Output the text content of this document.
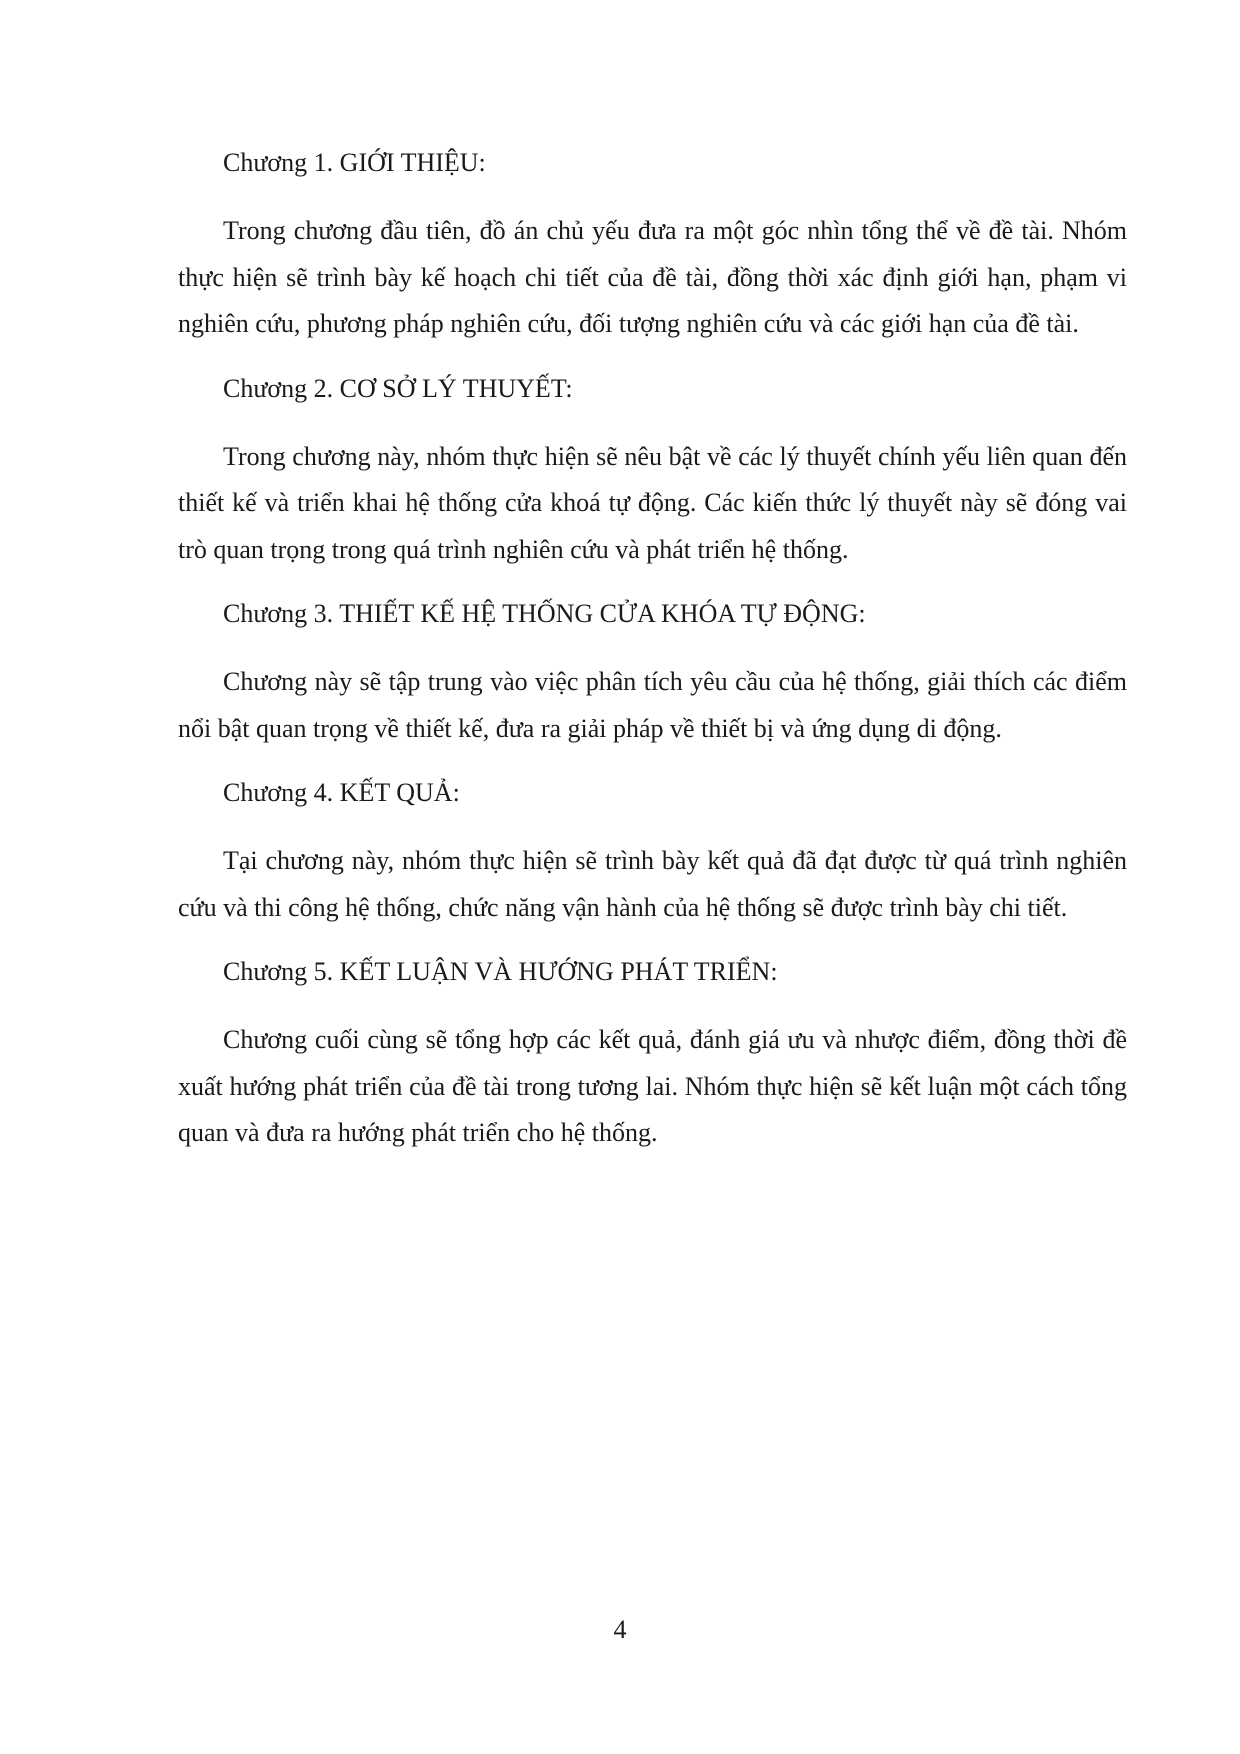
Chương 1. GIỚI THIỆU:

Trong chương đầu tiên, đồ án chủ yếu đưa ra một góc nhìn tổng thể về đề tài. Nhóm thực hiện sẽ trình bày kế hoạch chi tiết của đề tài, đồng thời xác định giới hạn, phạm vi nghiên cứu, phương pháp nghiên cứu, đối tượng nghiên cứu và các giới hạn của đề tài.

Chương 2. CƠ SỞ LÝ THUYẾT:

Trong chương này, nhóm thực hiện sẽ nêu bật về các lý thuyết chính yếu liên quan đến thiết kế và triển khai hệ thống cửa khoá tự động. Các kiến thức lý thuyết này sẽ đóng vai trò quan trọng trong quá trình nghiên cứu và phát triển hệ thống.

Chương 3. THIẾT KẾ HỆ THỐNG CỬA KHÓA TỰ ĐỘNG:

Chương này sẽ tập trung vào việc phân tích yêu cầu của hệ thống, giải thích các điểm nổi bật quan trọng về thiết kế, đưa ra giải pháp về thiết bị và ứng dụng di động.

Chương 4. KẾT QUẢ:

Tại chương này, nhóm thực hiện sẽ trình bày kết quả đã đạt được từ quá trình nghiên cứu và thi công hệ thống, chức năng vận hành của hệ thống sẽ được trình bày chi tiết.

Chương 5. KẾT LUẬN VÀ HƯỚNG PHÁT TRIỂN:

Chương cuối cùng sẽ tổng hợp các kết quả, đánh giá ưu và nhược điểm, đồng thời đề xuất hướng phát triển của đề tài trong tương lai. Nhóm thực hiện sẽ kết luận một cách tổng quan và đưa ra hướng phát triển cho hệ thống.

4
